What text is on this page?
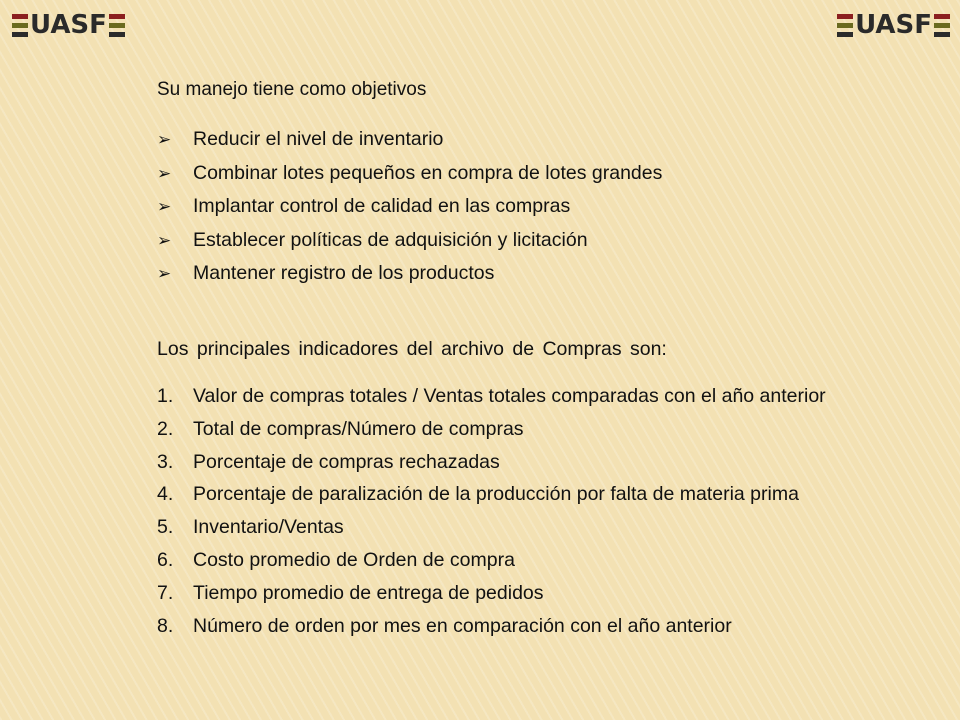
UASF	UASF
Su manejo tiene como objetivos
➢	Reducir el nivel de inventario
➢	Combinar lotes pequeños en compra de lotes grandes
➢	Implantar control de calidad en las compras
➢	Establecer políticas de adquisición y licitación
➢	Mantener registro de los productos
Los principales indicadores del archivo de Compras son:
1.	Valor de compras totales / Ventas totales comparadas con el año anterior
2.	Total de compras/Número de compras
3.	Porcentaje de compras rechazadas
4.	Porcentaje de paralización de la producción por falta de materia prima
5.	Inventario/Ventas
6.	Costo promedio de Orden de compra
7.	Tiempo promedio de entrega de pedidos
8.	Número de orden por mes en comparación con el año anterior
